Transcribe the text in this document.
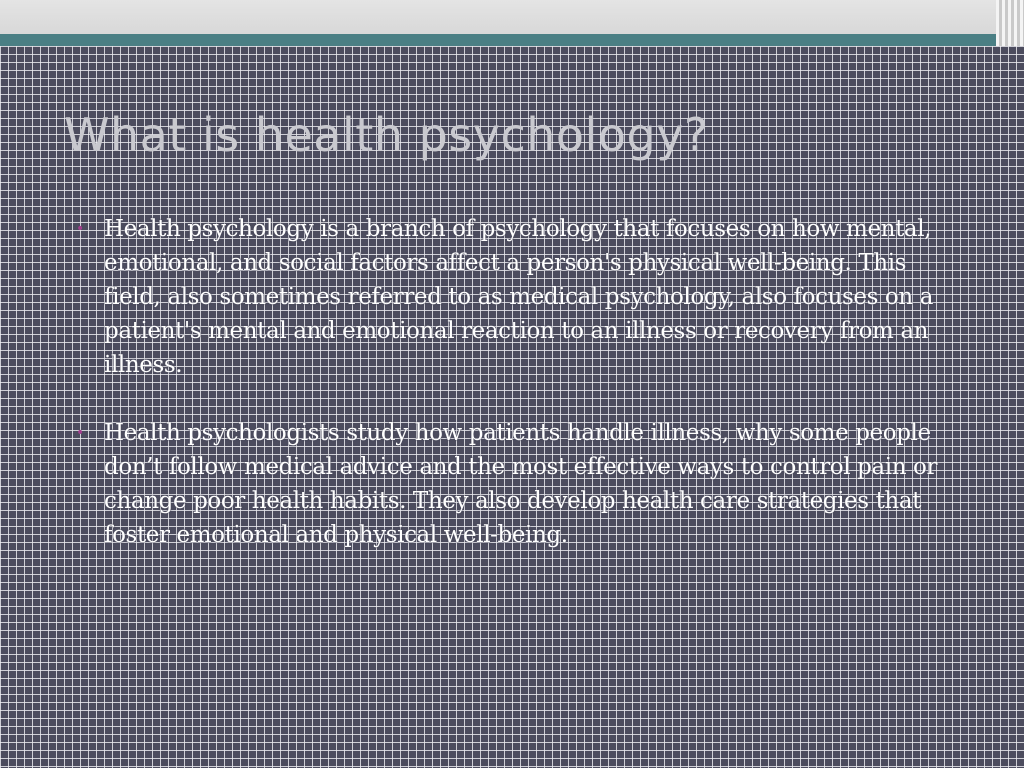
What is health psychology?
• Health psychology is a branch of psychology that focuses on how mental, emotional, and social factors affect a person's physical well-being. This field, also sometimes referred to as medical psychology, also focuses on a patient's mental and emotional reaction to an illness or recovery from an illness.
• Health psychologists study how patients handle illness, why some people don’t follow medical advice and the most effective ways to control pain or change poor health habits. They also develop health care strategies that foster emotional and physical well-being.
